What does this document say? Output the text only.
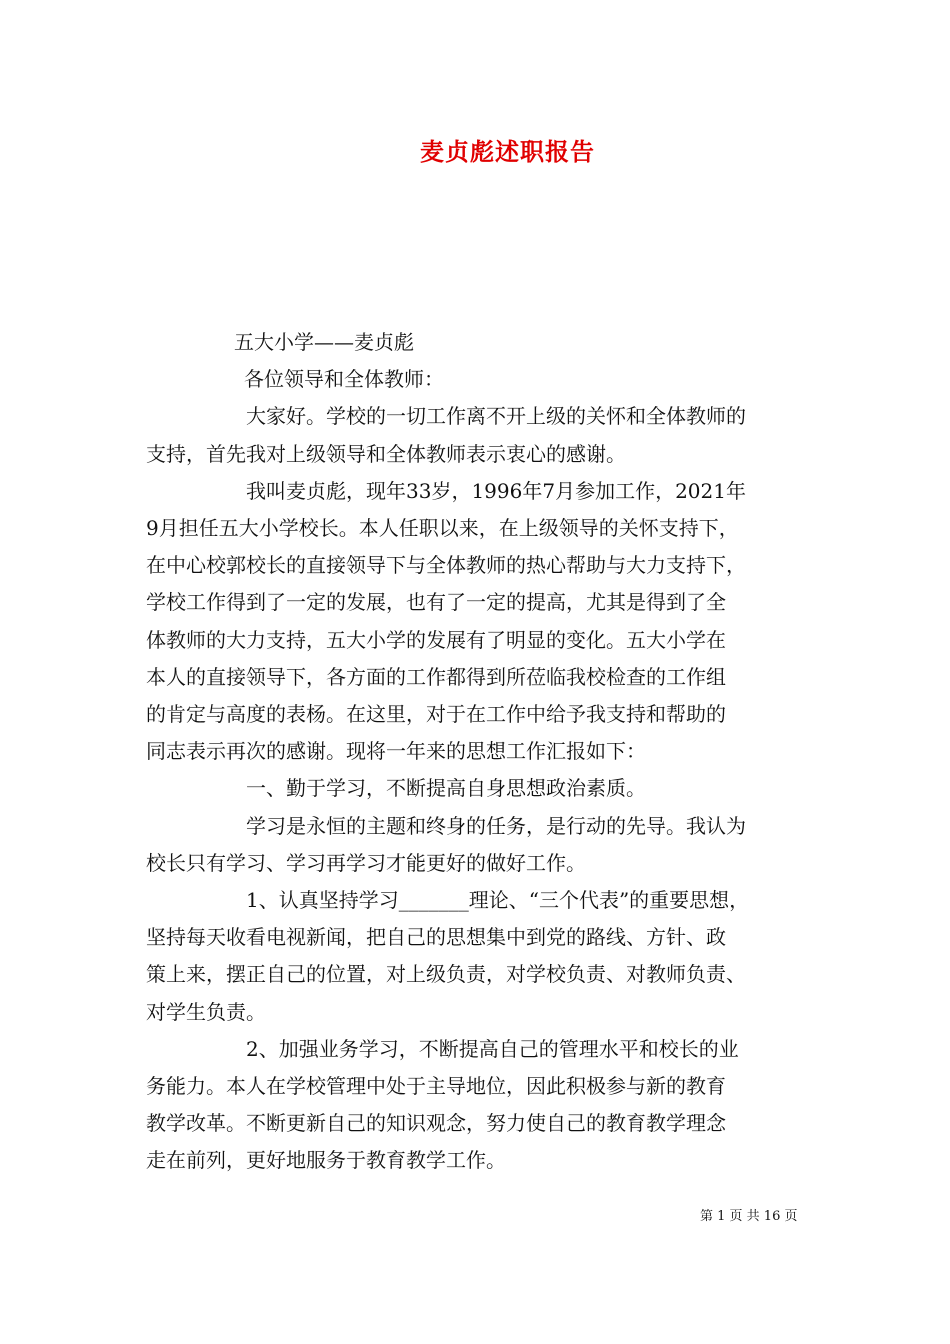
麦贞彪述职报告
五大小学——麦贞彪
各位领导和全体教师：
大家好。学校的一切工作离不开上级的关怀和全体教师的
支持，首先我对上级领导和全体教师表示衷心的感谢。
我叫麦贞彪，现年33岁，1996年7月参加工作，2021年
9月担任五大小学校长。本人任职以来，在上级领导的关怀支持下，
在中心校郭校长的直接领导下与全体教师的热心帮助与大力支持下，
学校工作得到了一定的发展，也有了一定的提高，尤其是得到了全
体教师的大力支持，五大小学的发展有了明显的变化。五大小学在
本人的直接领导下，各方面的工作都得到所莅临我校检查的工作组
的肯定与高度的表杨。在这里，对于在工作中给予我支持和帮助的
同志表示再次的感谢。现将一年来的思想工作汇报如下：
一、勤于学习，不断提高自身思想政治素质。
学习是永恒的主题和终身的任务，是行动的先导。我认为
校长只有学习、学习再学习才能更好的做好工作。
1、认真坚持学习_______理论、“三个代表”的重要思想，
坚持每天收看电视新闻，把自己的思想集中到党的路线、方针、政
策上来，摆正自己的位置，对上级负责，对学校负责、对教师负责、
对学生负责。
2、加强业务学习，不断提高自己的管理水平和校长的业
务能力。本人在学校管理中处于主导地位，因此积极参与新的教育
教学改革。不断更新自己的知识观念，努力使自己的教育教学理念
走在前列，更好地服务于教育教学工作。
第 1 页 共 16 页
